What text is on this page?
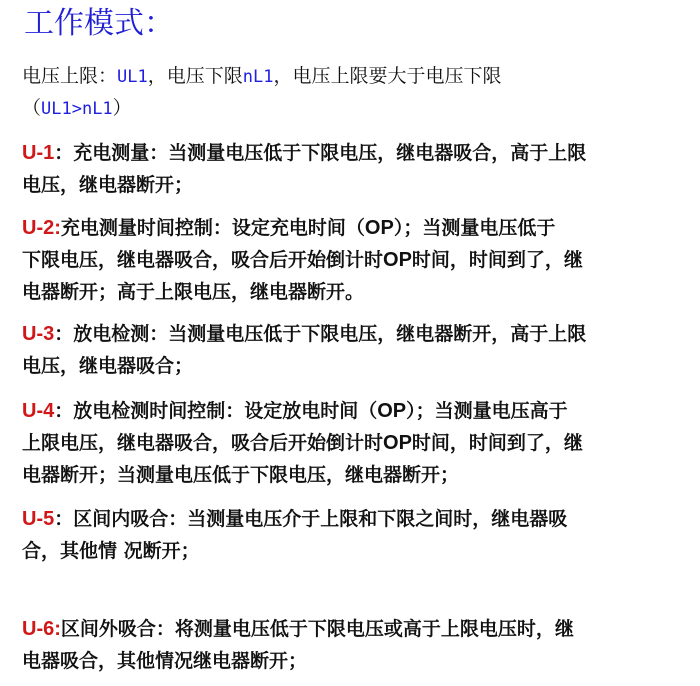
工作模式：
电压上限：UL1，电压下限nL1，电压上限要大于电压下限
（UL1>nL1）
U-1：充电测量：当测量电压低于下限电压，继电器吸合，高于上限
电压，继电器断开；
U-2:充电测量时间控制：设定充电时间（OP）；当测量电压低于
下限电压，继电器吸合，吸合后开始倒计时OP时间，时间到了，继
电器断开；高于上限电压，继电器断开。
U-3：放电检测：当测量电压低于下限电压，继电器断开，高于上限
电压，继电器吸合；
U-4：放电检测时间控制：设定放电时间（OP）；当测量电压高于
上限电压，继电器吸合，吸合后开始倒计时OP时间，时间到了，继
电器断开；当测量电压低于下限电压，继电器断开；
U-5：区间内吸合：当测量电压介于上限和下限之间时，继电器吸
合，其他情 况断开；
U-6:区间外吸合：将测量电压低于下限电压或高于上限电压时，继
电器吸合，其他情况继电器断开；
